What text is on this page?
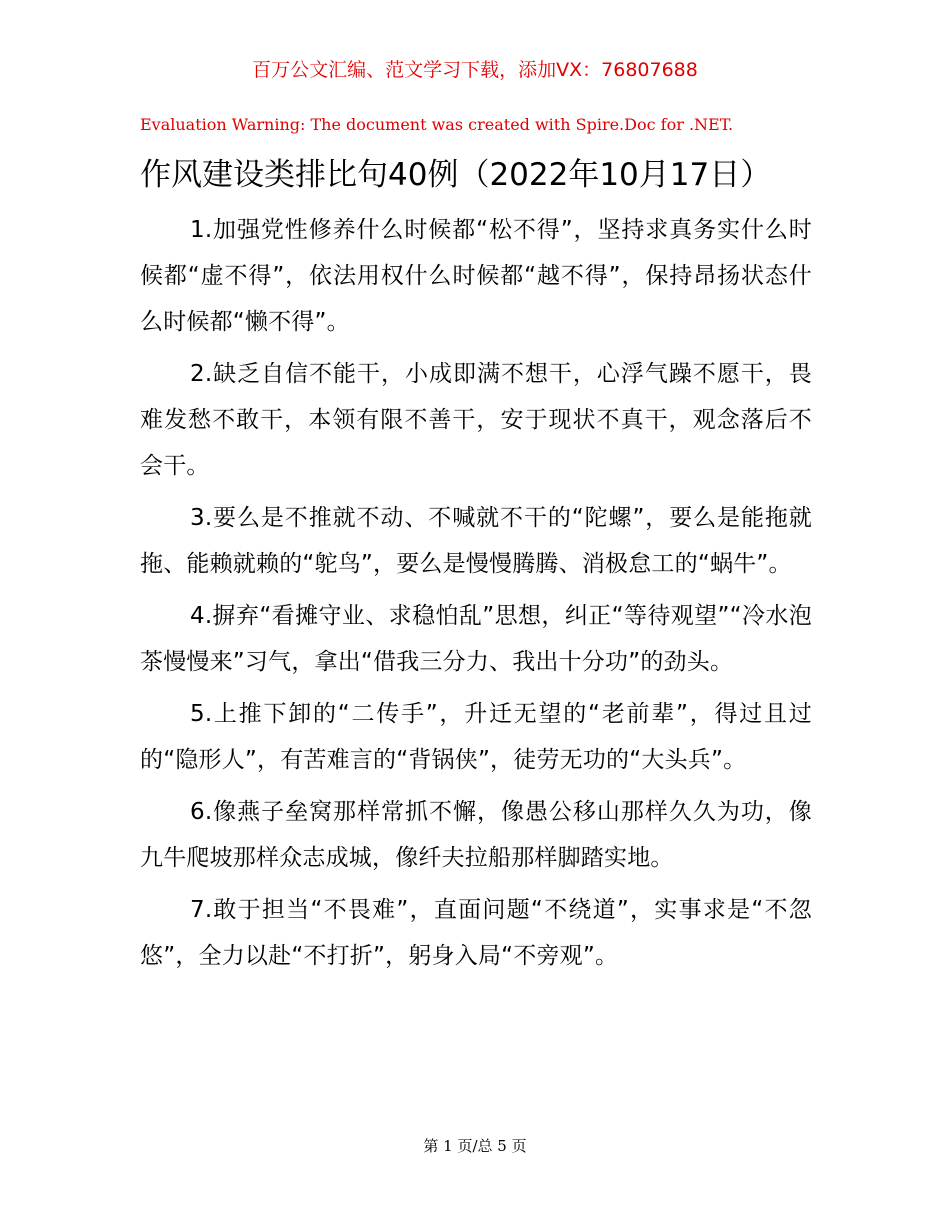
百万公文汇编、范文学习下载，添加VX：76807688
Evaluation Warning: The document was created with Spire.Doc for .NET.
作风建设类排比句40例（2022年10月17日）

1.加强党性修养什么时候都“松不得”，坚持求真务实什么时候都“虚不得”，依法用权什么时候都“越不得”，保持昂扬状态什么时候都“懒不得”。

2.缺乏自信不能干，小成即满不想干，心浮气躁不愿干，畏难发愁不敢干，本领有限不善干，安于现状不真干，观念落后不会干。

3.要么是不推就不动、不喊就不干的“陀螺”，要么是能拖就拖、能赖就赖的“鸵鸟”，要么是慢慢腾腾、消极怠工的“蜗牛”。

4.摒弃“看摊守业、求稳怕乱”思想，纠正“等待观望”“冷水泡茶慢慢来”习气，拿出“借我三分力、我出十分功”的劲头。

5.上推下卸的“二传手”，升迁无望的“老前辈”，得过且过的“隐形人”，有苦难言的“背锅侠”，徒劳无功的“大头兵”。

6.像燕子垒窝那样常抓不懈，像愚公移山那样久久为功，像九牛爬坡那样众志成城，像纤夫拉船那样脚踏实地。

7.敢于担当“不畏难”，直面问题“不绕道”，实事求是“不忽悠”，全力以赴“不打折”，躬身入局“不旁观”。

第 1 页/总 5 页
